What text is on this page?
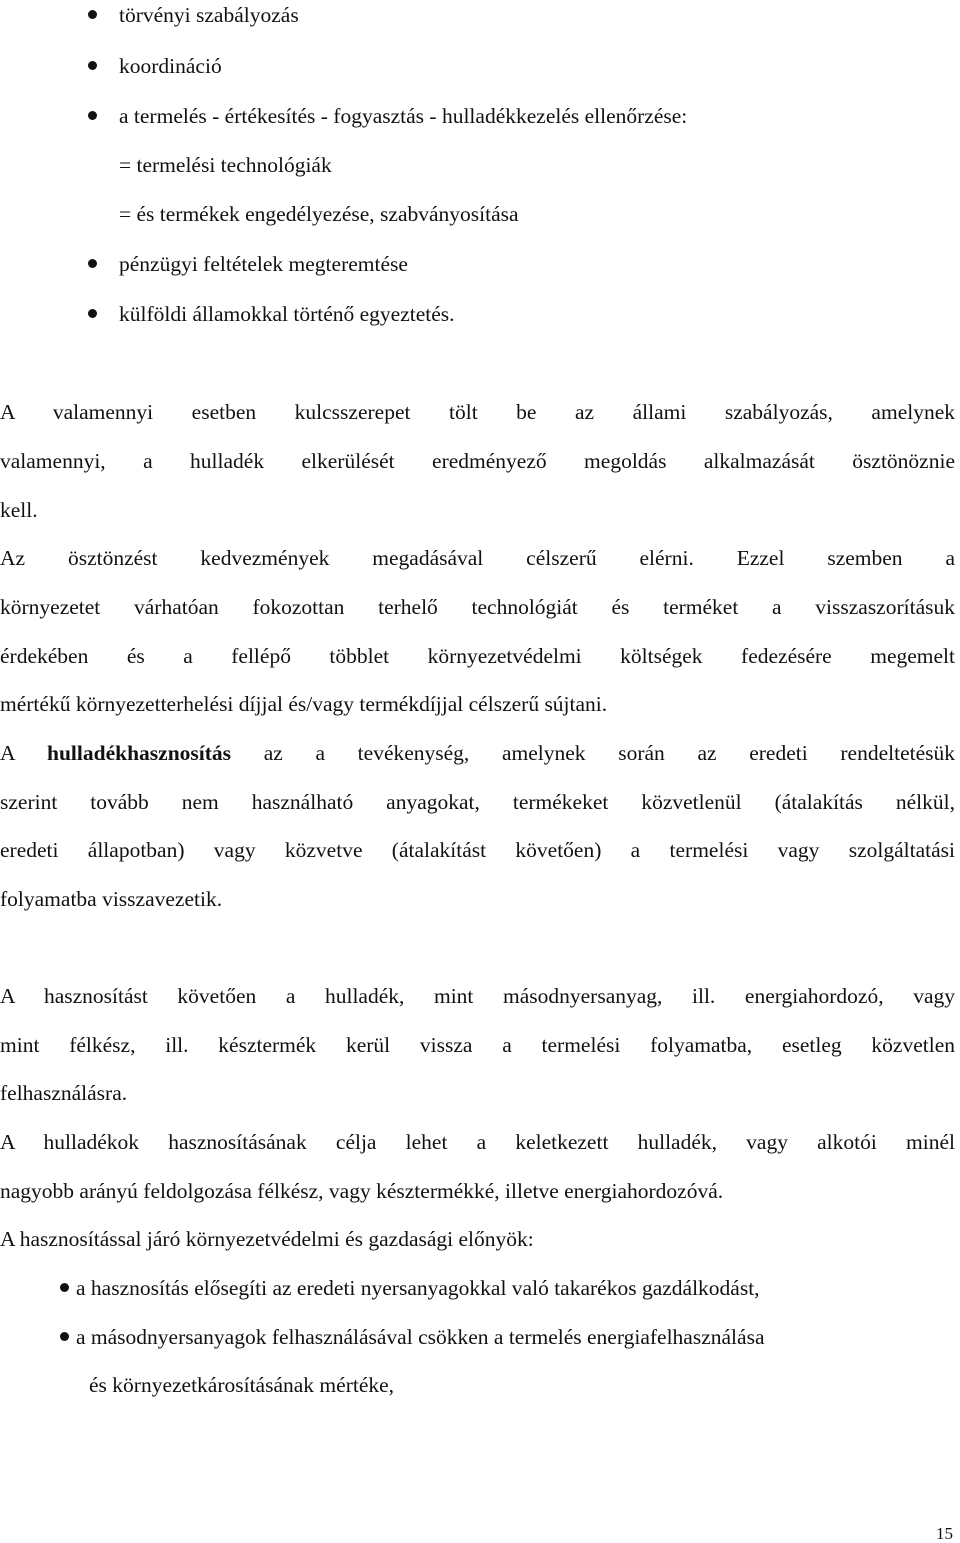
törvényi szabályozás
koordináció
a termelés - értékesítés - fogyasztás - hulladékkezelés ellenőrzése:
= termelési technológiák
= és termékek engedélyezése, szabványosítása
pénzügyi feltételek megteremtése
külföldi államokkal történő egyeztetés.
A valamennyi esetben kulcsszerepet tölt be az állami szabályozás, amelynek
valamennyi, a hulladék elkerülését eredményező megoldás alkalmazását ösztönöznie
kell.
Az ösztönzést kedvezmények megadásával célszerű elérni. Ezzel szemben a
környezetet várhatóan fokozottan terhelő technológiát és terméket a visszaszorításuk
érdekében és a fellépő többlet környezetvédelmi költségek fedezésére megemelt
mértékű környezetterhelési díjjal és/vagy termékdíjjal célszerű sújtani.
A hulladékhasznosítás az a tevékenység, amelynek során az eredeti rendeltetésük
szerint tovább nem használható anyagokat, termékeket közvetlenül (átalakítás nélkül,
eredeti állapotban) vagy közvetve (átalakítást követően) a termelési vagy szolgáltatási
folyamatba visszavezetik.
A hasznosítást követően a hulladék, mint másodnyersanyag, ill. energiahordozó, vagy
mint félkész, ill. késztermék kerül vissza a termelési folyamatba, esetleg közvetlen
felhasználásra.
A hulladékok hasznosításának célja lehet a keletkezett hulladék, vagy alkotói minél
nagyobb arányú feldolgozása félkész, vagy késztermékké, illetve energiahordozóvá.
A hasznosítással járó környezetvédelmi és gazdasági előnyök:
a hasznosítás elősegíti az eredeti nyersanyagokkal való takarékos gazdálkodást,
a másodnyersanyagok felhasználásával csökken a termelés energiafelhasználása
és környezetkárosításának mértéke,
15
